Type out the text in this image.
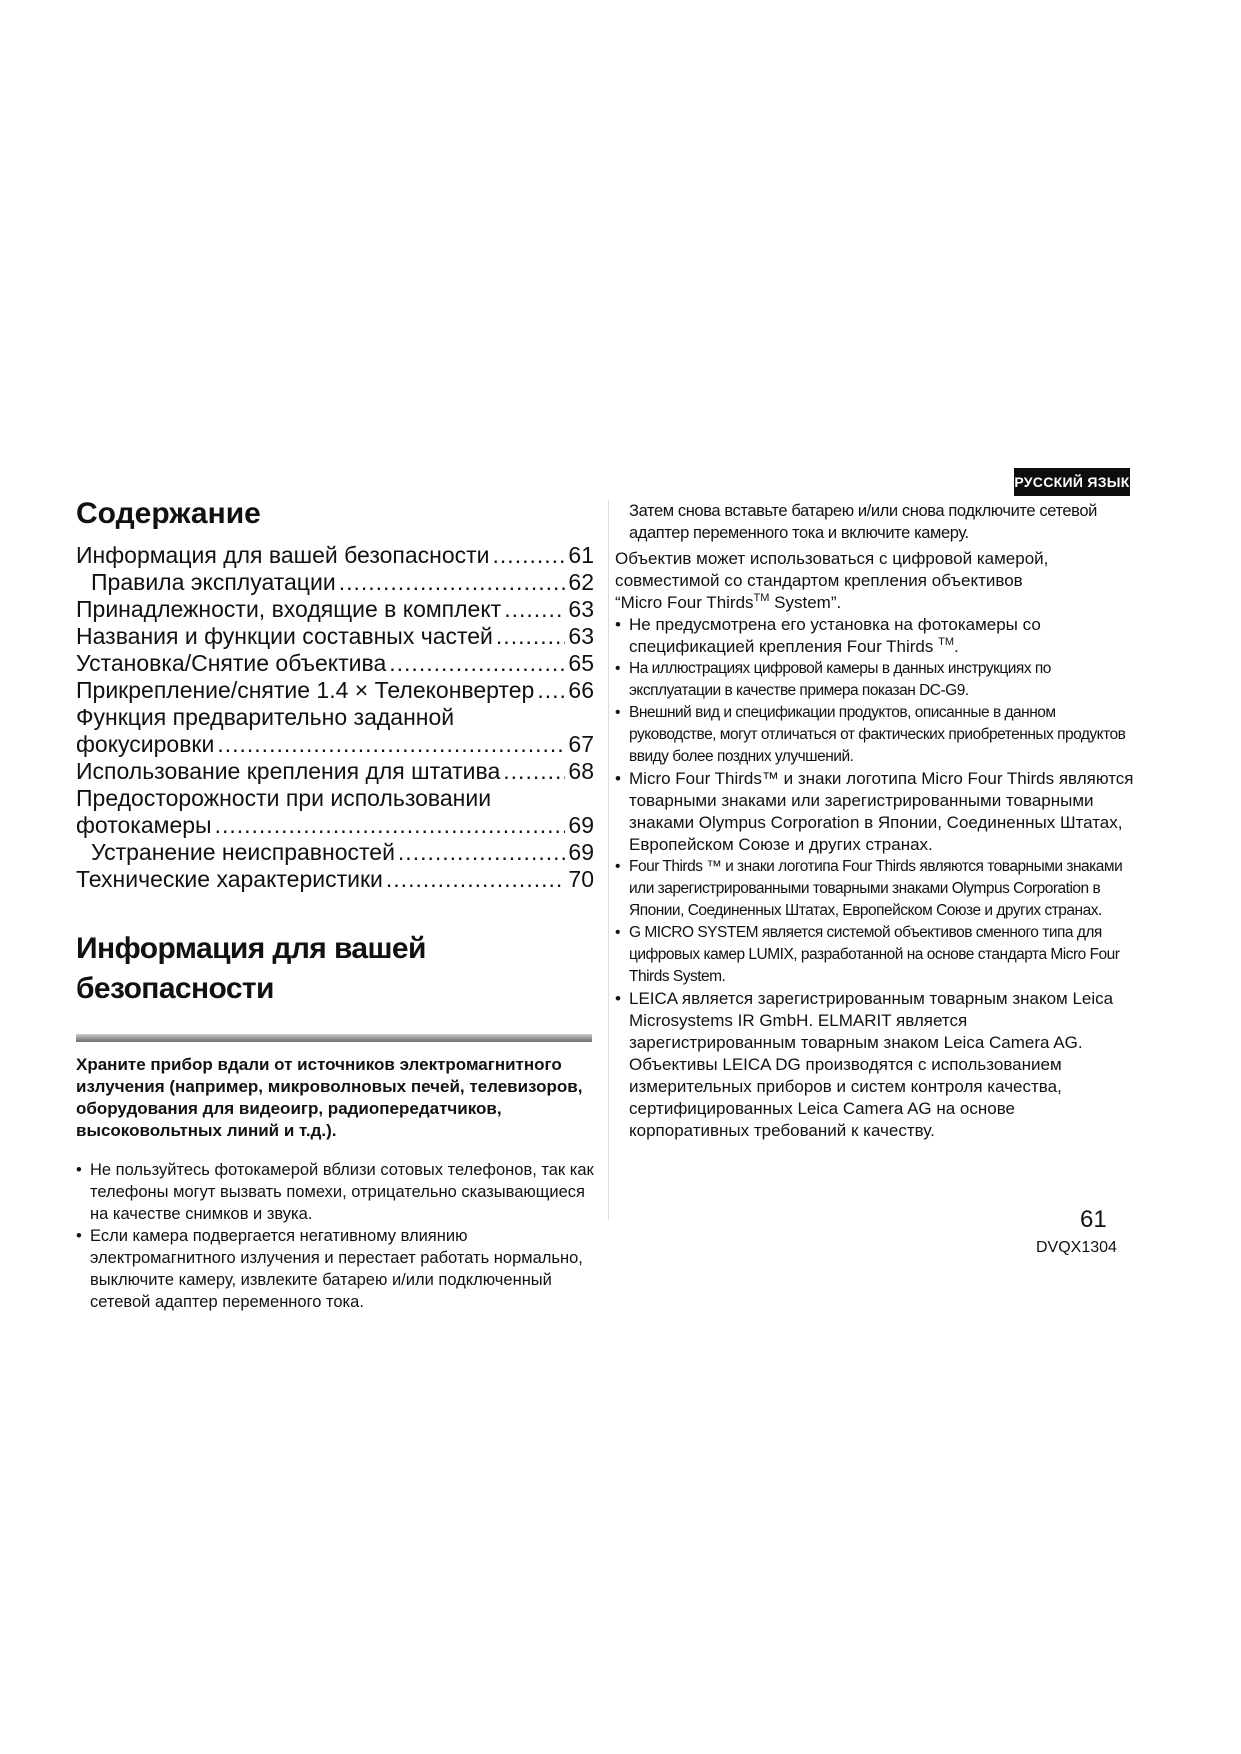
РУССКИЙ ЯЗЫК
Содержание
Информация для вашей безопасности .....	61
Правила эксплуатации .....	62
Принадлежности, входящие в комплект .....	63
Названия и функции составных частей .....	63
Установка/Снятие объектива .....	65
Прикрепление/снятие 1.4 × Телеконвертер ..... 66
Функция предварительно заданной
фокусировки .....	67
Использование крепления для штатива .....	68
Предосторожности при использовании
фотокамеры .....	69
Устранение неисправностей .....	69
Технические характеристики .....	70
Информация для вашей безопасности

Храните прибор вдали от источников электромагнитного излучения (например, микроволновых печей, телевизоров, оборудования для видеоигр, радиопередатчиков, высоковольтных линий и т.д.).

• Не пользуйтесь фотокамерой вблизи сотовых телефонов, так как телефоны могут вызвать помехи, отрицательно сказывающиеся на качестве снимков и звука.
• Если камера подвергается негативному влиянию электромагнитного излучения и перестает работать нормально, выключите камеру, извлеките батарею и/или подключенный сетевой адаптер переменного тока.

Затем снова вставьте батарею и/или снова подключите сетевой адаптер переменного тока и включите камеру.

Объектив может использоваться с цифровой камерой, совместимой со стандартом крепления объективов
“Micro Four Thirds™ System”.

• Не предусмотрена его установка на фотокамеры со спецификацией крепления Four Thirds ™.
• На иллюстрациях цифровой камеры в данных инструкциях по эксплуатации в качестве примера показан DC-G9.
• Внешний вид и спецификации продуктов, описанные в данном руководстве, могут отличаться от фактических приобретенных продуктов ввиду более поздних улучшений.
• Micro Four Thirds™ и знаки логотипа Micro Four Thirds являются товарными знаками или зарегистрированными товарными знаками Olympus Corporation в Японии, Соединенных Штатах, Европейском Союзе и других странах.
• Four Thirds ™ и знаки логотипа Four Thirds являются товарными знаками или зарегистрированными товарными знаками Olympus Corporation в Японии, Соединенных Штатах, Европейском Союзе и других странах.
• G MICRO SYSTEM является системой объективов сменного типа для цифровых камер LUMIX, разработанной на основе стандарта Micro Four Thirds System.
• LEICA является зарегистрированным товарным знаком Leica Microsystems IR GmbH. ELMARIT является зарегистрированным товарным знаком Leica Camera AG. Объективы LEICA DG производятся с использованием измерительных приборов и систем контроля качества, сертифицированных Leica Camera AG на основе корпоративных требований к качеству.
61
DVQX1304
